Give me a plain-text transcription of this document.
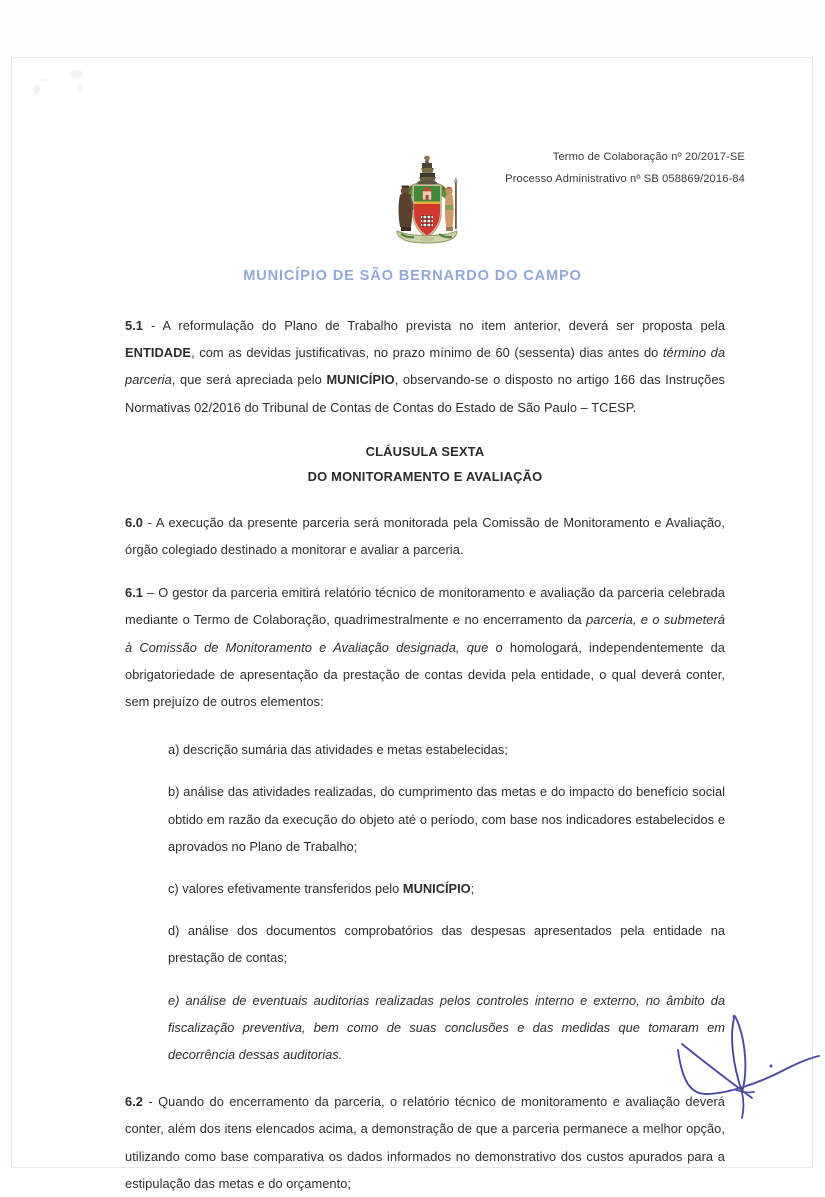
Termo de Colaboração nº 20/2017-SE
Processo Administrativo nº SB 058869/2016-84
MUNICÍPIO DE SÃO BERNARDO DO CAMPO

5.1 - A reformulação do Plano de Trabalho prevista no item anterior, deverá ser proposta pela ENTIDADE, com as devidas justificativas, no prazo mínimo de 60 (sessenta) dias antes do término da parceria, que será apreciada pelo MUNICÍPIO, observando-se o disposto no artigo 166 das Instruções Normativas 02/2016 do Tribunal de Contas de Contas do Estado de São Paulo – TCESP.

CLÁUSULA SEXTA
DO MONITORAMENTO E AVALIAÇÃO

6.0 - A execução da presente parceria será monitorada pela Comissão de Monitoramento e Avaliação, órgão colegiado destinado a monitorar e avaliar a parceria.

6.1 – O gestor da parceria emitirá relatório técnico de monitoramento e avaliação da parceria celebrada mediante o Termo de Colaboração, quadrimestralmente e no encerramento da parceria, e o submeterá à Comissão de Monitoramento e Avaliação designada, que o homologará, independentemente da obrigatoriedade de apresentação da prestação de contas devida pela entidade, o qual deverá conter, sem prejuízo de outros elementos:

a) descrição sumária das atividades e metas estabelecidas;

b) análise das atividades realizadas, do cumprimento das metas e do impacto do benefício social obtido em razão da execução do objeto até o período, com base nos indicadores estabelecidos e aprovados no Plano de Trabalho;

c) valores efetivamente transferidos pelo MUNICÍPIO;

d) análise dos documentos comprobatórios das despesas apresentados pela entidade na prestação de contas;

e) análise de eventuais auditorias realizadas pelos controles interno e externo, no âmbito da fiscalização preventiva, bem como de suas conclusões e das medidas que tomaram em decorrência dessas auditorias.

6.2 - Quando do encerramento da parceria, o relatório técnico de monitoramento e avaliação deverá conter, além dos itens elencados acima, a demonstração de que a parceria permanece a melhor opção, utilizando como base comparativa os dados informados no demonstrativo dos custos apurados para a estipulação das metas e do orçamento;
